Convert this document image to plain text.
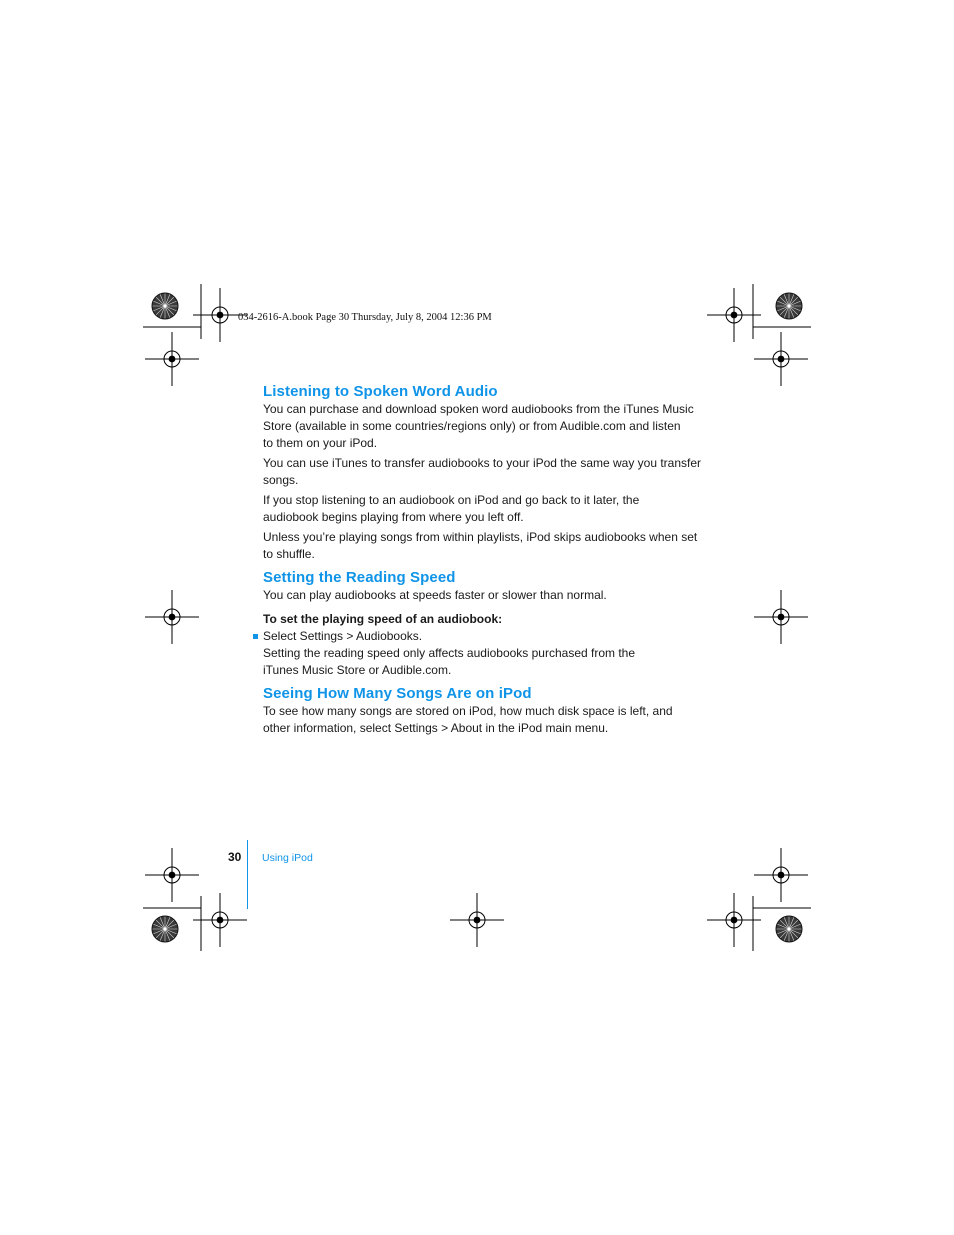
034-2616-A.book Page 30 Thursday, July 8, 2004 12:36 PM
Listening to Spoken Word Audio
You can purchase and download spoken word audiobooks from the iTunes Music
Store (available in some countries/regions only) or from Audible.com and listen
to them on your iPod.
You can use iTunes to transfer audiobooks to your iPod the same way you transfer
songs.
If you stop listening to an audiobook on iPod and go back to it later, the
audiobook begins playing from where you left off.
Unless you’re playing songs from within playlists, iPod skips audiobooks when set
to shuffle.
Setting the Reading Speed
You can play audiobooks at speeds faster or slower than normal.
To set the playing speed of an audiobook:
Select Settings > Audiobooks.
Setting the reading speed only affects audiobooks purchased from the
iTunes Music Store or Audible.com.
Seeing How Many Songs Are on iPod
To see how many songs are stored on iPod, how much disk space is left, and
other information, select Settings > About in the iPod main menu.
30 Using iPod
